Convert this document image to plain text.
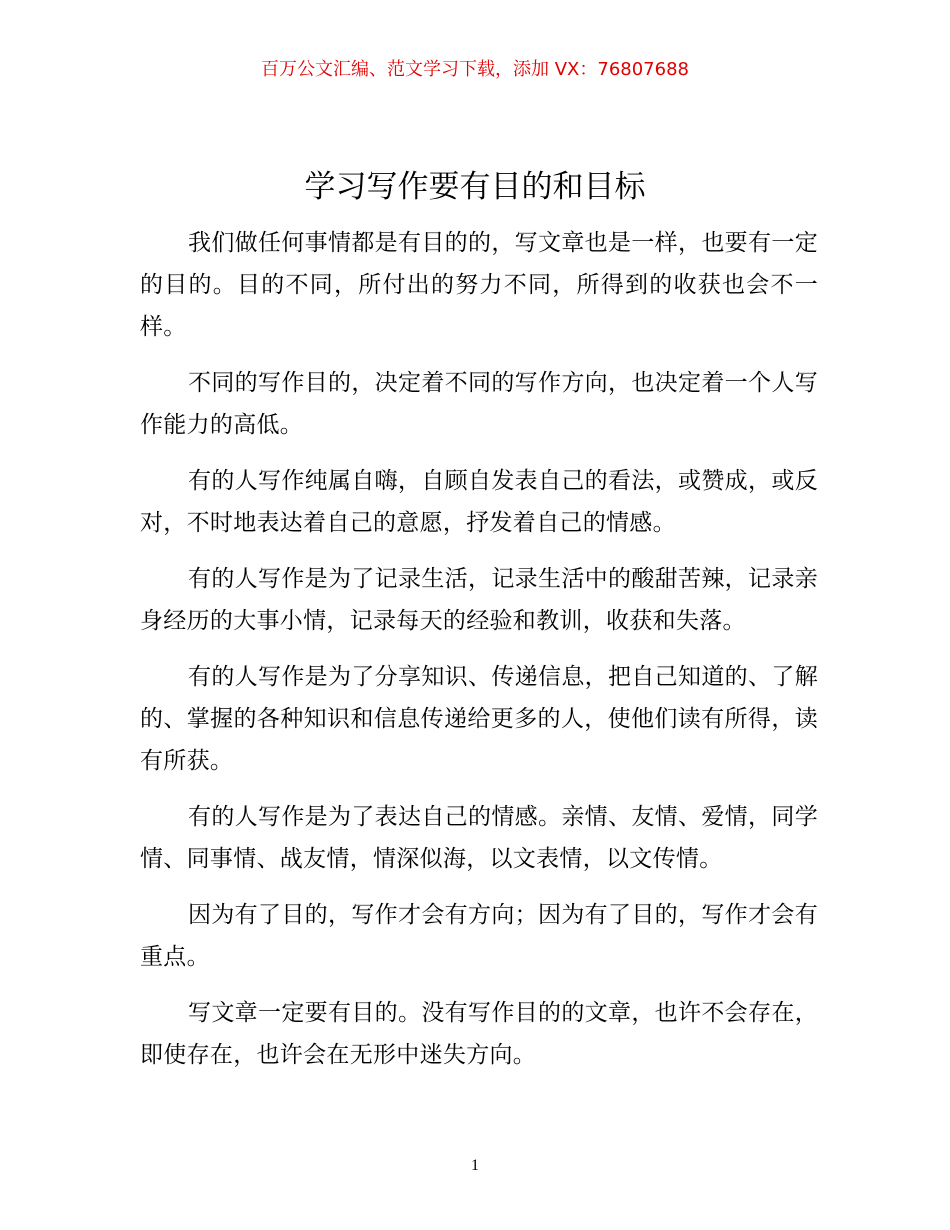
百万公文汇编、范文学习下载，添加 VX：76807688
学习写作要有目的和目标

我们做任何事情都是有目的的，写文章也是一样，也要有一定的目的。目的不同，所付出的努力不同，所得到的收获也会不一样。

不同的写作目的，决定着不同的写作方向，也决定着一个人写作能力的高低。

有的人写作纯属自嗨，自顾自发表自己的看法，或赞成，或反对，不时地表达着自己的意愿，抒发着自己的情感。

有的人写作是为了记录生活，记录生活中的酸甜苦辣，记录亲身经历的大事小情，记录每天的经验和教训，收获和失落。

有的人写作是为了分享知识、传递信息，把自己知道的、了解的、掌握的各种知识和信息传递给更多的人，使他们读有所得，读有所获。

有的人写作是为了表达自己的情感。亲情、友情、爱情，同学情、同事情、战友情，情深似海，以文表情，以文传情。

因为有了目的，写作才会有方向；因为有了目的，写作才会有重点。

写文章一定要有目的。没有写作目的的文章，也许不会存在，即使存在，也许会在无形中迷失方向。

1
